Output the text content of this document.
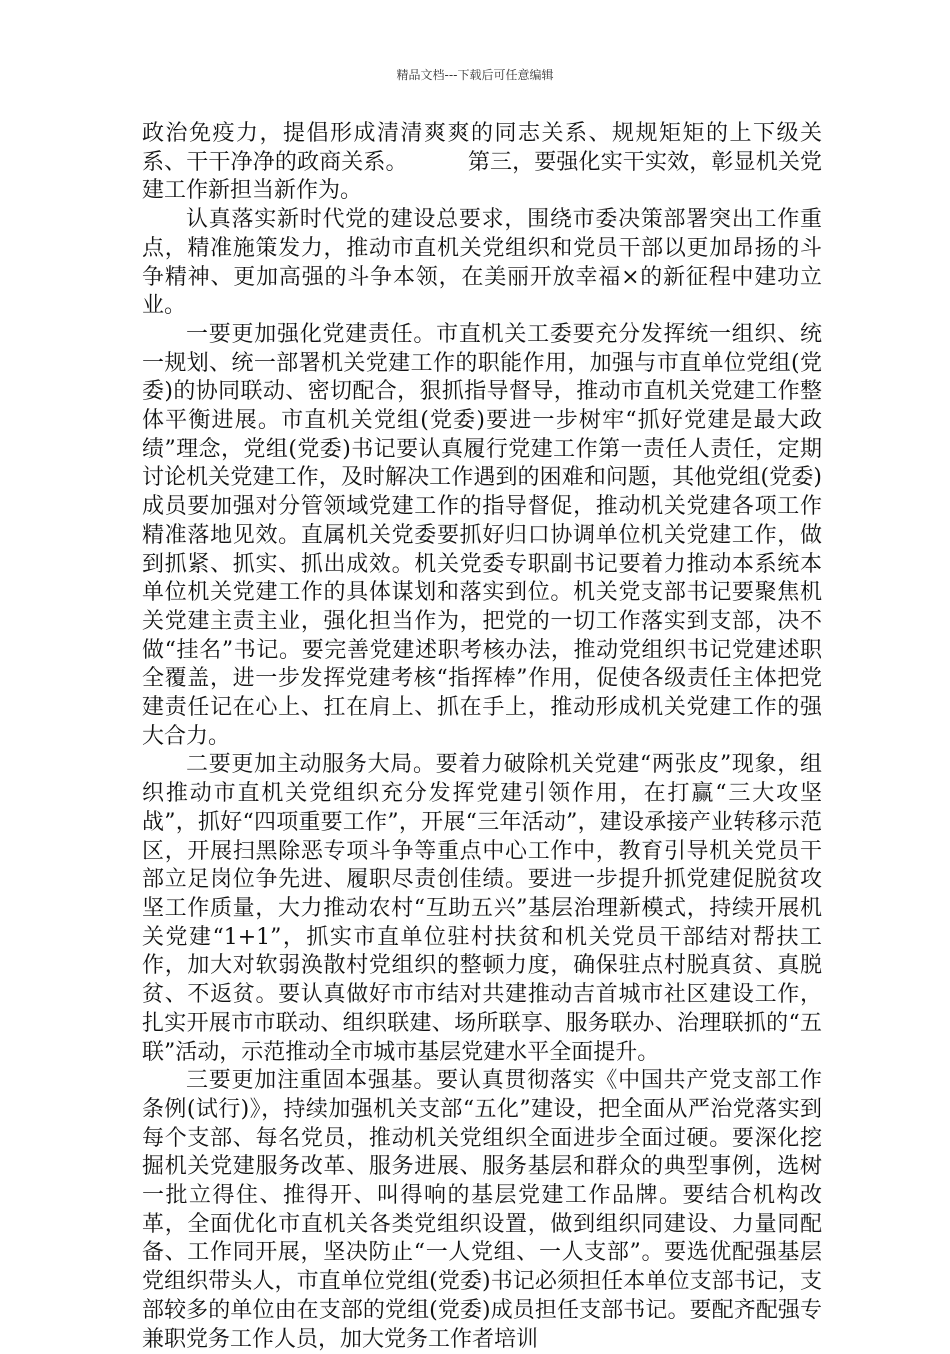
精品文档---下载后可任意编辑

政治免疫力，提倡形成清清爽爽的同志关系、规规矩矩的上下级关系、干干净净的政商关系。	第三，要强化实干实效，彰显机关党建工作新担当新作为。

认真落实新时代党的建设总要求，围绕市委决策部署突出工作重点，精准施策发力，推动市直机关党组织和党员干部以更加昂扬的斗争精神、更加高强的斗争本领，在美丽开放幸福×的新征程中建功立业。

一要更加强化党建责任。市直机关工委要充分发挥统一组织、统一规划、统一部署机关党建工作的职能作用，加强与市直单位党组(党委)的协同联动、密切配合，狠抓指导督导，推动市直机关党建工作整体平衡进展。市直机关党组(党委)要进一步树牢“抓好党建是最大政绩”理念，党组(党委)书记要认真履行党建工作第一责任人责任，定期讨论机关党建工作，及时解决工作遇到的困难和问题，其他党组(党委)成员要加强对分管领域党建工作的指导督促，推动机关党建各项工作精准落地见效。直属机关党委要抓好归口协调单位机关党建工作，做到抓紧、抓实、抓出成效。机关党委专职副书记要着力推动本系统本单位机关党建工作的具体谋划和落实到位。机关党支部书记要聚焦机关党建主责主业，强化担当作为，把党的一切工作落实到支部，决不做“挂名”书记。要完善党建述职考核办法，推动党组织书记党建述职全覆盖，进一步发挥党建考核“指挥棒”作用，促使各级责任主体把党建责任记在心上、扛在肩上、抓在手上，推动形成机关党建工作的强大合力。

二要更加主动服务大局。要着力破除机关党建“两张皮”现象，组织推动市直机关党组织充分发挥党建引领作用，在打赢“三大攻坚战”，抓好“四项重要工作”，开展“三年活动”，建设承接产业转移示范区，开展扫黑除恶专项斗争等重点中心工作中，教育引导机关党员干部立足岗位争先进、履职尽责创佳绩。要进一步提升抓党建促脱贫攻坚工作质量，大力推动农村“互助五兴”基层治理新模式，持续开展机关党建“1+1”，抓实市直单位驻村扶贫和机关党员干部结对帮扶工作，加大对软弱涣散村党组织的整顿力度，确保驻点村脱真贫、真脱贫、不返贫。要认真做好市市结对共建推动吉首城市社区建设工作，扎实开展市市联动、组织联建、场所联享、服务联办、治理联抓的“五联”活动，示范推动全市城市基层党建水平全面提升。

三要更加注重固本强基。要认真贯彻落实《中国共产党支部工作条例(试行)》，持续加强机关支部“五化”建设，把全面从严治党落实到每个支部、每名党员，推动机关党组织全面进步全面过硬。要深化挖掘机关党建服务改革、服务进展、服务基层和群众的典型事例，选树一批立得住、推得开、叫得响的基层党建工作品牌。要结合机构改革，全面优化市直机关各类党组织设置，做到组织同建设、力量同配备、工作同开展，坚决防止“一人党组、一人支部”。要选优配强基层党组织带头人，市直单位党组(党委)书记必须担任本单位支部书记，支部较多的单位由在支部的党组(党委)成员担任支部书记。要配齐配强专兼职党务工作人员，加大党务工作者培训
